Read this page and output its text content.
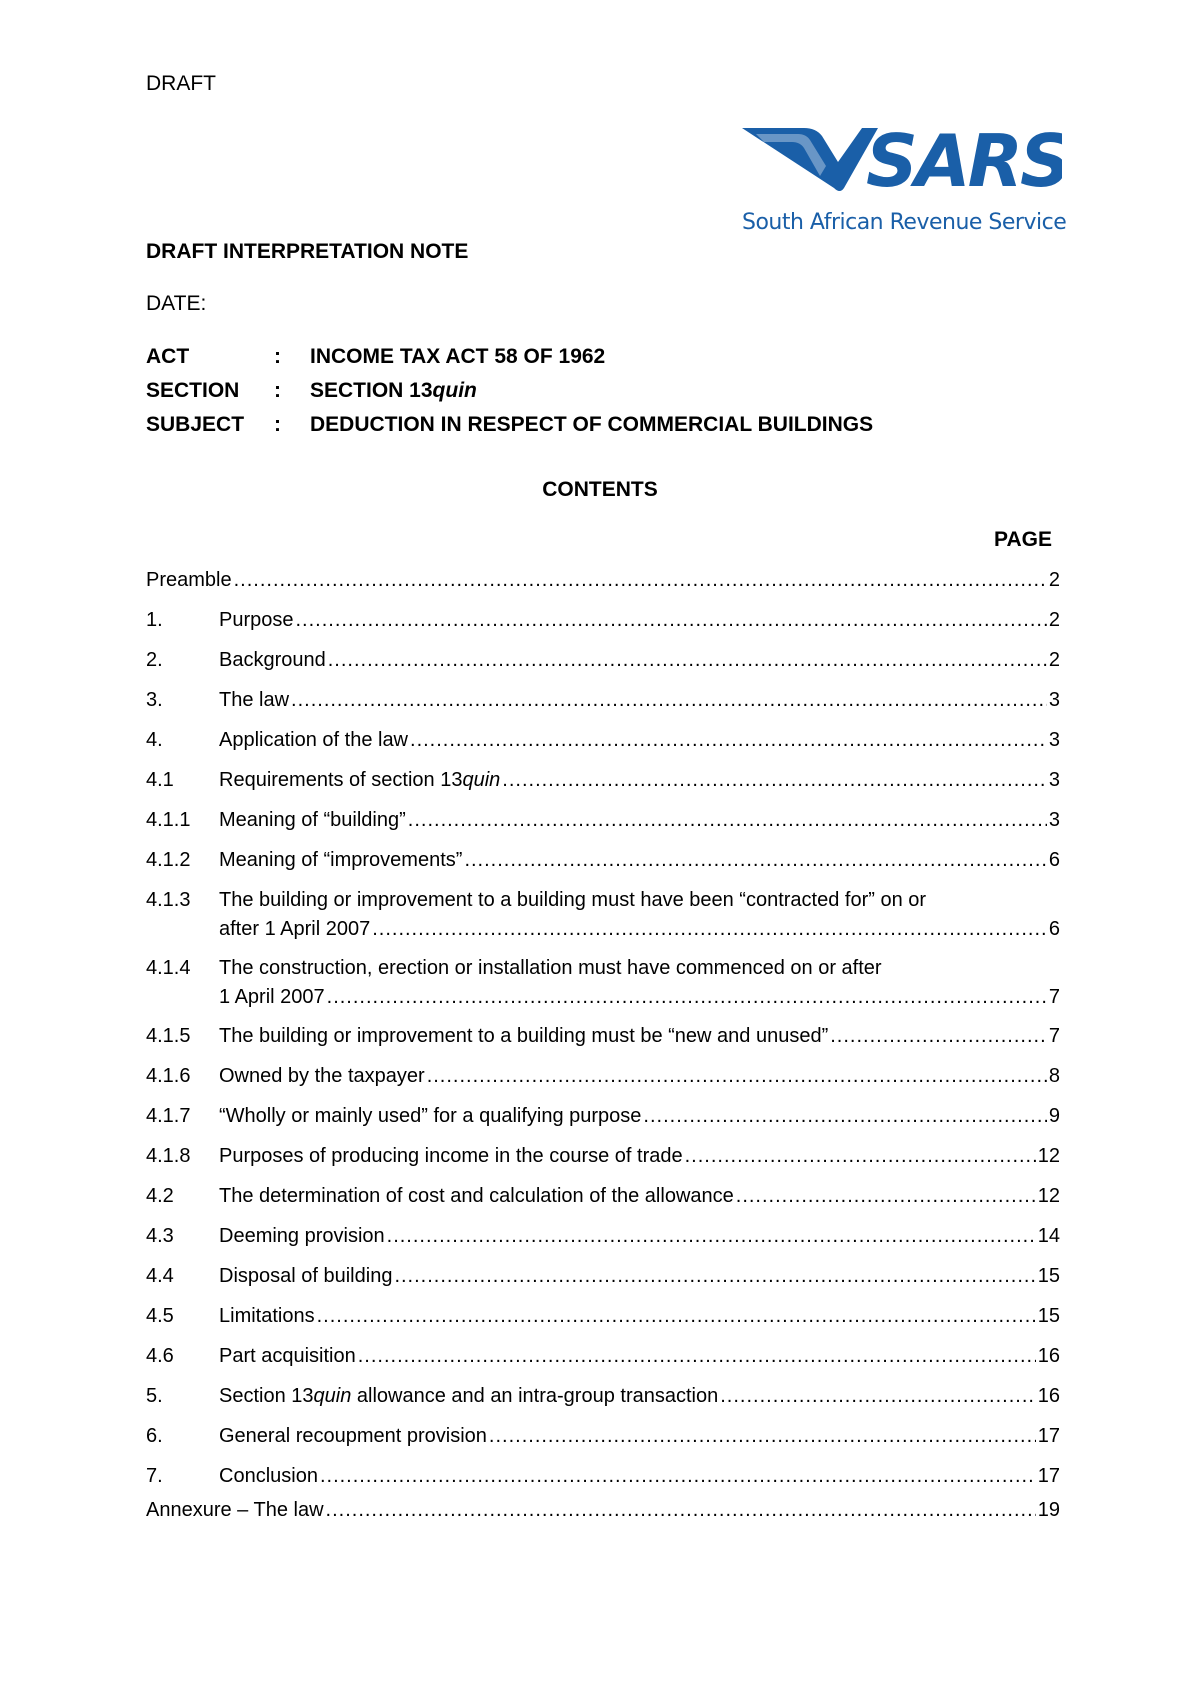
DRAFT
SARS
South African Revenue Service
DRAFT INTERPRETATION NOTE
DATE:
ACT	: INCOME TAX ACT 58 OF 1962
SECTION : SECTION 13quin
SUBJECT : DEDUCTION IN RESPECT OF COMMERCIAL BUILDINGS
CONTENTS
PAGE
Preamble .....	2
1.	Purpose .....	2
2.	Background .....	2
3.	The law .....	3
4.	Application of the law .....	3
4.1	Requirements of section 13quin .....	3
4.1.1	Meaning of “building” .....	3
4.1.2	Meaning of “improvements” .....	6
4.1.3	The building or improvement to a building must have been “contracted for” on or
after 1 April 2007 .....	6
4.1.4	The construction, erection or installation must have commenced on or after
1 April 2007 .....	7
4.1.5	The building or improvement to a building must be “new and unused” .....	7
4.1.6	Owned by the taxpayer .....	8
4.1.7	“Wholly or mainly used” for a qualifying purpose .....	9
4.1.8	Purposes of producing income in the course of trade .....	12
4.2	The determination of cost and calculation of the allowance .....	12
4.3	Deeming provision .....	14
4.4	Disposal of building .....	15
4.5	Limitations .....	15
4.6	Part acquisition .....	16
5.	Section 13quin allowance and an intra-group transaction .....	16
6.	General recoupment provision .....	17
7.	Conclusion .....	17
Annexure – The law .....	19
